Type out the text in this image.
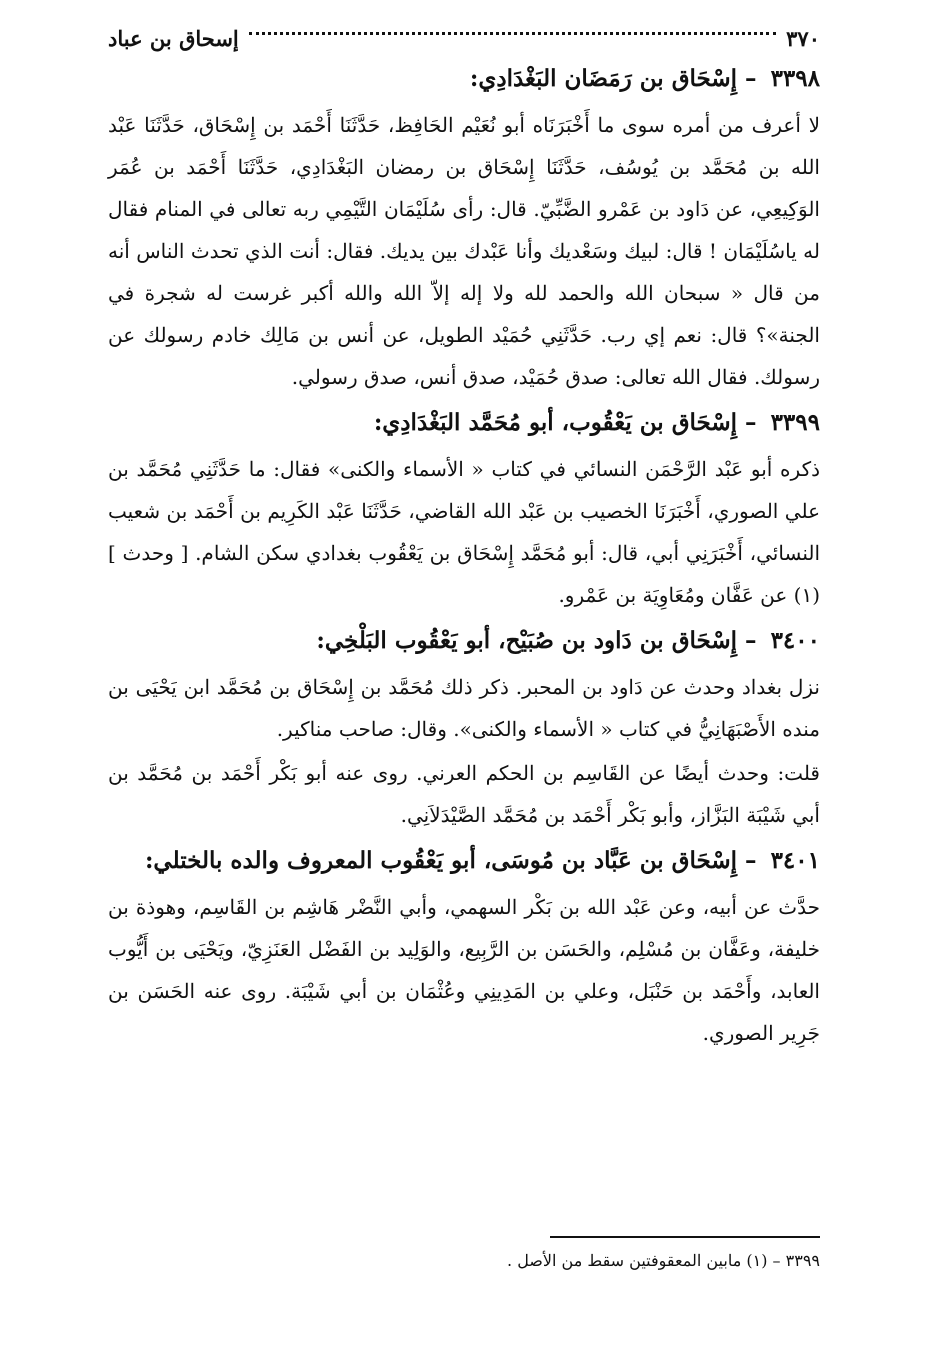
٣٧٠
إسحاق بن عباد
٣٣٩٨ – إِسْحَاق بن رَمَضَان البَغْدَادِي:

لا أعرف من أمره سوى ما أَخْبَرَنَاه أبو نُعَيْم الحَافِظ، حَدَّثَنَا أَحْمَد بن إِسْحَاق، حَدَّثَنَا عَبْد الله بن مُحَمَّد بن يُوسُف، حَدَّثَنَا إِسْحَاق بن رمضان البَغْدَادِي، حَدَّثَنَا أَحْمَد بن عُمَر الوَكِيعِي، عن دَاود بن عَمْرو الضَّبِّيّ. قال: رأى سُلَيْمَان التَّيْمِي ربه تعالى في المنام فقال له ياسُلَيْمَان ! قال: لبيك وسَعْديك وأنا عَبْدك بين يديك. فقال: أنت الذي تحدث الناس أنه من قال « سبحان الله والحمد لله ولا إله إلاّ الله والله أكبر غرست له شجرة في الجنة»؟ قال: نعم إي رب. حَدَّثَنِي حُمَيْد الطويل، عن أنس بن مَالِك خادم رسولك عن رسولك. فقال الله تعالى: صدق حُمَيْد، صدق أنس، صدق رسولي.

٣٣٩٩ – إِسْحَاق بن يَعْقُوب، أبو مُحَمَّد البَغْدَادِي:

ذكره أبو عَبْد الرَّحْمَن النسائي في كتاب « الأسماء والكنى» فقال: ما حَدَّثَنِي مُحَمَّد بن علي الصوري، أَخْبَرَنَا الخصيب بن عَبْد الله القاضي، حَدَّثَنَا عَبْد الكَرِيم بن أَحْمَد بن شعيب النسائي، أَخْبَرَنِي أبي، قال: أبو مُحَمَّد إِسْحَاق بن يَعْقُوب بغدادي سكن الشام. [ وحدث ] (١) عن عَفَّان ومُعَاوِيَة بن عَمْرو.

٣٤٠٠ – إِسْحَاق بن دَاود بن صُبَيْح، أبو يَعْقُوب البَلْخِي:

نزل بغداد وحدث عن دَاود بن المحبر. ذكر ذلك مُحَمَّد بن إِسْحَاق بن مُحَمَّد ابن يَحْيَى بن منده الأَصْبَهَانِيُّ في كتاب « الأسماء والكنى». وقال: صاحب مناكير.

قلت: وحدث أيضًا عن القَاسِم بن الحكم العرني. روى عنه أبو بَكْر أَحْمَد بن مُحَمَّد بن أبي شَيْبَة البَزَّاز، وأبو بَكْر أَحْمَد بن مُحَمَّد الصَّيْدَلاَنِي.

٣٤٠١ – إِسْحَاق بن عَبَّاد بن مُوسَى، أبو يَعْقُوب المعروف والده بالختلي:

حدَّث عن أبيه، وعن عَبْد الله بن بَكْر السهمي، وأبي النَّضْر هَاشِم بن القَاسِم، وهوذة بن خليفة، وعَفَّان بن مُسْلِم، والحَسَن بن الرَّبِيع، والوَلِيد بن الفَضْل العَنَزِيّ، ويَحْيَى بن أَيُّوب العابد، وأَحْمَد بن حَنْبَل، وعلي بن المَدِينِي وعُثْمَان بن أبي شَيْبَة. روى عنه الحَسَن بن جَرِير الصوري.

٣٣٩٩ – (١) مابين المعقوفتين سقط من الأصل .
